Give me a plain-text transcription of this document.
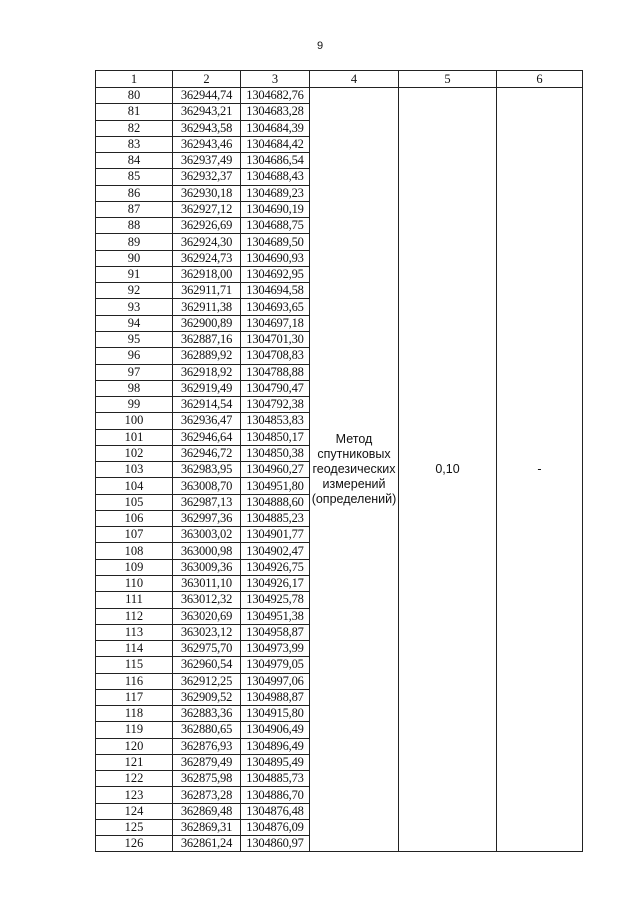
9
1	2	3	4	5	6
80	362944,74	1304682,76	Метод
спутниковых
геодезических
измерений
(определений)	0,10	-
81	362943,21	1304683,28			
82	362943,58	1304684,39			
83	362943,46	1304684,42			
84	362937,49	1304686,54			
85	362932,37	1304688,43			
86	362930,18	1304689,23			
87	362927,12	1304690,19			
88	362926,69	1304688,75			
89	362924,30	1304689,50			
90	362924,73	1304690,93			
91	362918,00	1304692,95			
92	362911,71	1304694,58			
93	362911,38	1304693,65			
94	362900,89	1304697,18			
95	362887,16	1304701,30			
96	362889,92	1304708,83			
97	362918,92	1304788,88			
98	362919,49	1304790,47			
99	362914,54	1304792,38			
100	362936,47	1304853,83			
101	362946,64	1304850,17			
102	362946,72	1304850,38			
103	362983,95	1304960,27			
104	363008,70	1304951,80			
105	362987,13	1304888,60			
106	362997,36	1304885,23			
107	363003,02	1304901,77			
108	363000,98	1304902,47			
109	363009,36	1304926,75			
110	363011,10	1304926,17			
111	363012,32	1304925,78			
112	363020,69	1304951,38			
113	363023,12	1304958,87			
114	362975,70	1304973,99			
115	362960,54	1304979,05			
116	362912,25	1304997,06			
117	362909,52	1304988,87			
118	362883,36	1304915,80			
119	362880,65	1304906,49			
120	362876,93	1304896,49			
121	362879,49	1304895,49			
122	362875,98	1304885,73			
123	362873,28	1304886,70			
124	362869,48	1304876,48			
125	362869,31	1304876,09			
126	362861,24	1304860,97			
